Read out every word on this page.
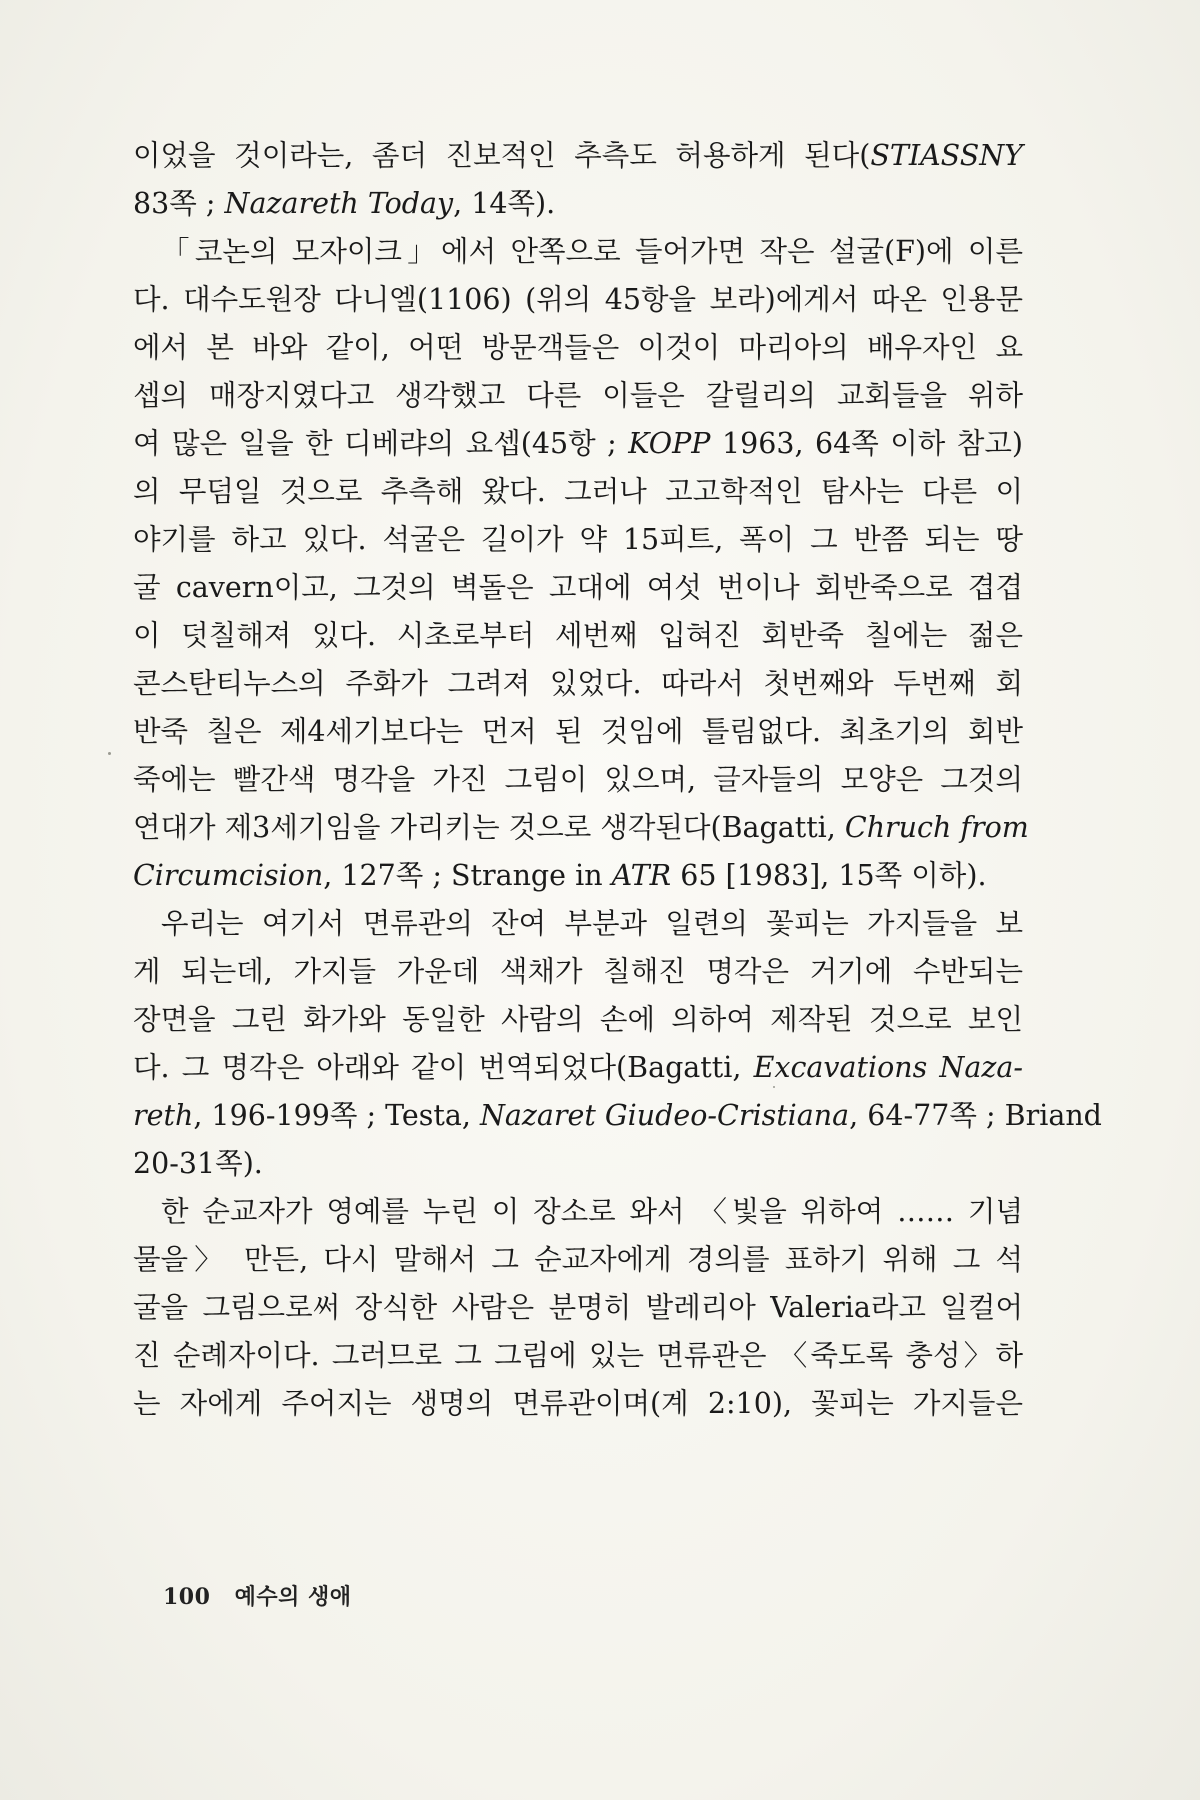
이었을 것이라는, 좀더 진보적인 추측도 허용하게 된다(STIASSNY
83쪽 ; Nazareth Today, 14쪽).
「코논의 모자이크」에서 안쪽으로 들어가면 작은 설굴(F)에 이른
다. 대수도원장 다니엘(1106) (위의 45항을 보라)에게서 따온 인용문
에서 본 바와 같이, 어떤 방문객들은 이것이 마리아의 배우자인 요
셉의 매장지였다고 생각했고 다른 이들은 갈릴리의 교회들을 위하
여 많은 일을 한 디베랴의 요셉(45항 ; KOPP 1963, 64쪽 이하 참고)
의 무덤일 것으로 추측해 왔다. 그러나 고고학적인 탐사는 다른 이
야기를 하고 있다. 석굴은 길이가 약 15피트, 폭이 그 반쯤 되는 땅
굴 cavern이고, 그것의 벽돌은 고대에 여섯 번이나 회반죽으로 겹겹
이 덧칠해져 있다. 시초로부터 세번째 입혀진 회반죽 칠에는 젊은
콘스탄티누스의 주화가 그려져 있었다. 따라서 첫번째와 두번째 회
반죽 칠은 제4세기보다는 먼저 된 것임에 틀림없다. 최초기의 회반
죽에는 빨간색 명각을 가진 그림이 있으며, 글자들의 모양은 그것의
연대가 제3세기임을 가리키는 것으로 생각된다(Bagatti, Chruch from
Circumcision, 127쪽 ; Strange in ATR 65 [1983], 15쪽 이하).
우리는 여기서 면류관의 잔여 부분과 일련의 꽃피는 가지들을 보
게 되는데, 가지들 가운데 색채가 칠해진 명각은 거기에 수반되는
장면을 그린 화가와 동일한 사람의 손에 의하여 제작된 것으로 보인
다. 그 명각은 아래와 같이 번역되었다(Bagatti, Excavations Naza-
reth, 196-199쪽 ; Testa, Nazaret Giudeo-Cristiana, 64-77쪽 ; Briand
20-31쪽).
한 순교자가 영예를 누린 이 장소로 와서 〈빛을 위하여 …… 기념
물을〉 만든, 다시 말해서 그 순교자에게 경의를 표하기 위해 그 석
굴을 그림으로써 장식한 사람은 분명히 발레리아 Valeria라고 일컬어
진 순례자이다. 그러므로 그 그림에 있는 면류관은 〈죽도록 충성〉하
는 자에게 주어지는 생명의 면류관이며(계 2:10), 꽃피는 가지들은
100 예수의 생애
